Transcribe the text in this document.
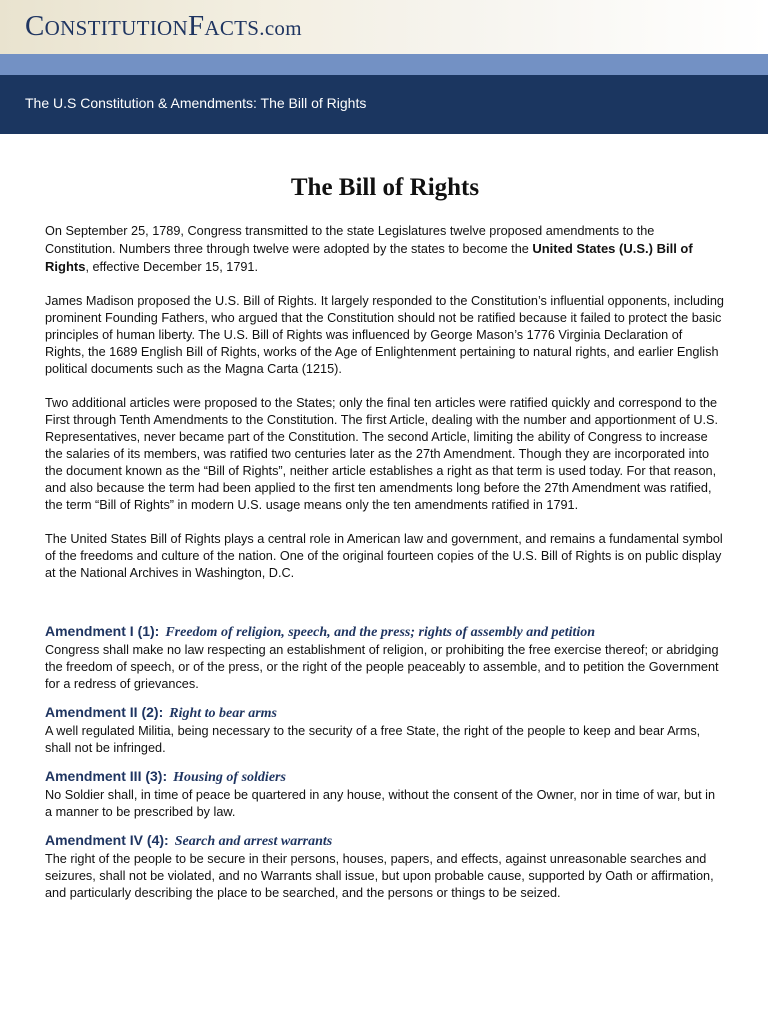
CONSTITUTIONFACTS.com
The U.S Constitution & Amendments: The Bill of Rights
The Bill of Rights

On September 25, 1789, Congress transmitted to the state Legislatures twelve proposed amendments to the Constitution. Numbers three through twelve were adopted by the states to become the United States (U.S.) Bill of Rights, effective December 15, 1791.

James Madison proposed the U.S. Bill of Rights. It largely responded to the Constitution’s influential opponents, including prominent Founding Fathers, who argued that the Constitution should not be ratified because it failed to protect the basic principles of human liberty. The U.S. Bill of Rights was influenced by George Mason’s 1776 Virginia Declaration of Rights, the 1689 English Bill of Rights, works of the Age of Enlightenment pertaining to natural rights, and earlier English political documents such as the Magna Carta (1215).

Two additional articles were proposed to the States; only the final ten articles were ratified quickly and correspond to the First through Tenth Amendments to the Constitution. The first Article, dealing with the number and apportionment of U.S. Representatives, never became part of the Constitution. The second Article, limiting the ability of Congress to increase the salaries of its members, was ratified two centuries later as the 27th Amendment. Though they are incorporated into the document known as the “Bill of Rights”, neither article establishes a right as that term is used today. For that reason, and also because the term had been applied to the first ten amendments long before the 27th Amendment was ratified, the term “Bill of Rights” in modern U.S. usage means only the ten amendments ratified in 1791.

The United States Bill of Rights plays a central role in American law and government, and remains a fundamental symbol of the freedoms and culture of the nation. One of the original fourteen copies of the U.S. Bill of Rights is on public display at the National Archives in Washington, D.C.

Amendment I (1): Freedom of religion, speech, and the press; rights of assembly and petition

Congress shall make no law respecting an establishment of religion, or prohibiting the free exercise thereof; or abridging the freedom of speech, or of the press, or the right of the people peaceably to assemble, and to petition the Government for a redress of grievances.

Amendment II (2): Right to bear arms

A well regulated Militia, being necessary to the security of a free State, the right of the people to keep and bear Arms, shall not be infringed.

Amendment III (3): Housing of soldiers

No Soldier shall, in time of peace be quartered in any house, without the consent of the Owner, nor in time of war, but in a manner to be prescribed by law.

Amendment IV (4): Search and arrest warrants

The right of the people to be secure in their persons, houses, papers, and effects, against unreasonable searches and seizures, shall not be violated, and no Warrants shall issue, but upon probable cause, supported by Oath or affirmation, and particularly describing the place to be searched, and the persons or things to be seized.
